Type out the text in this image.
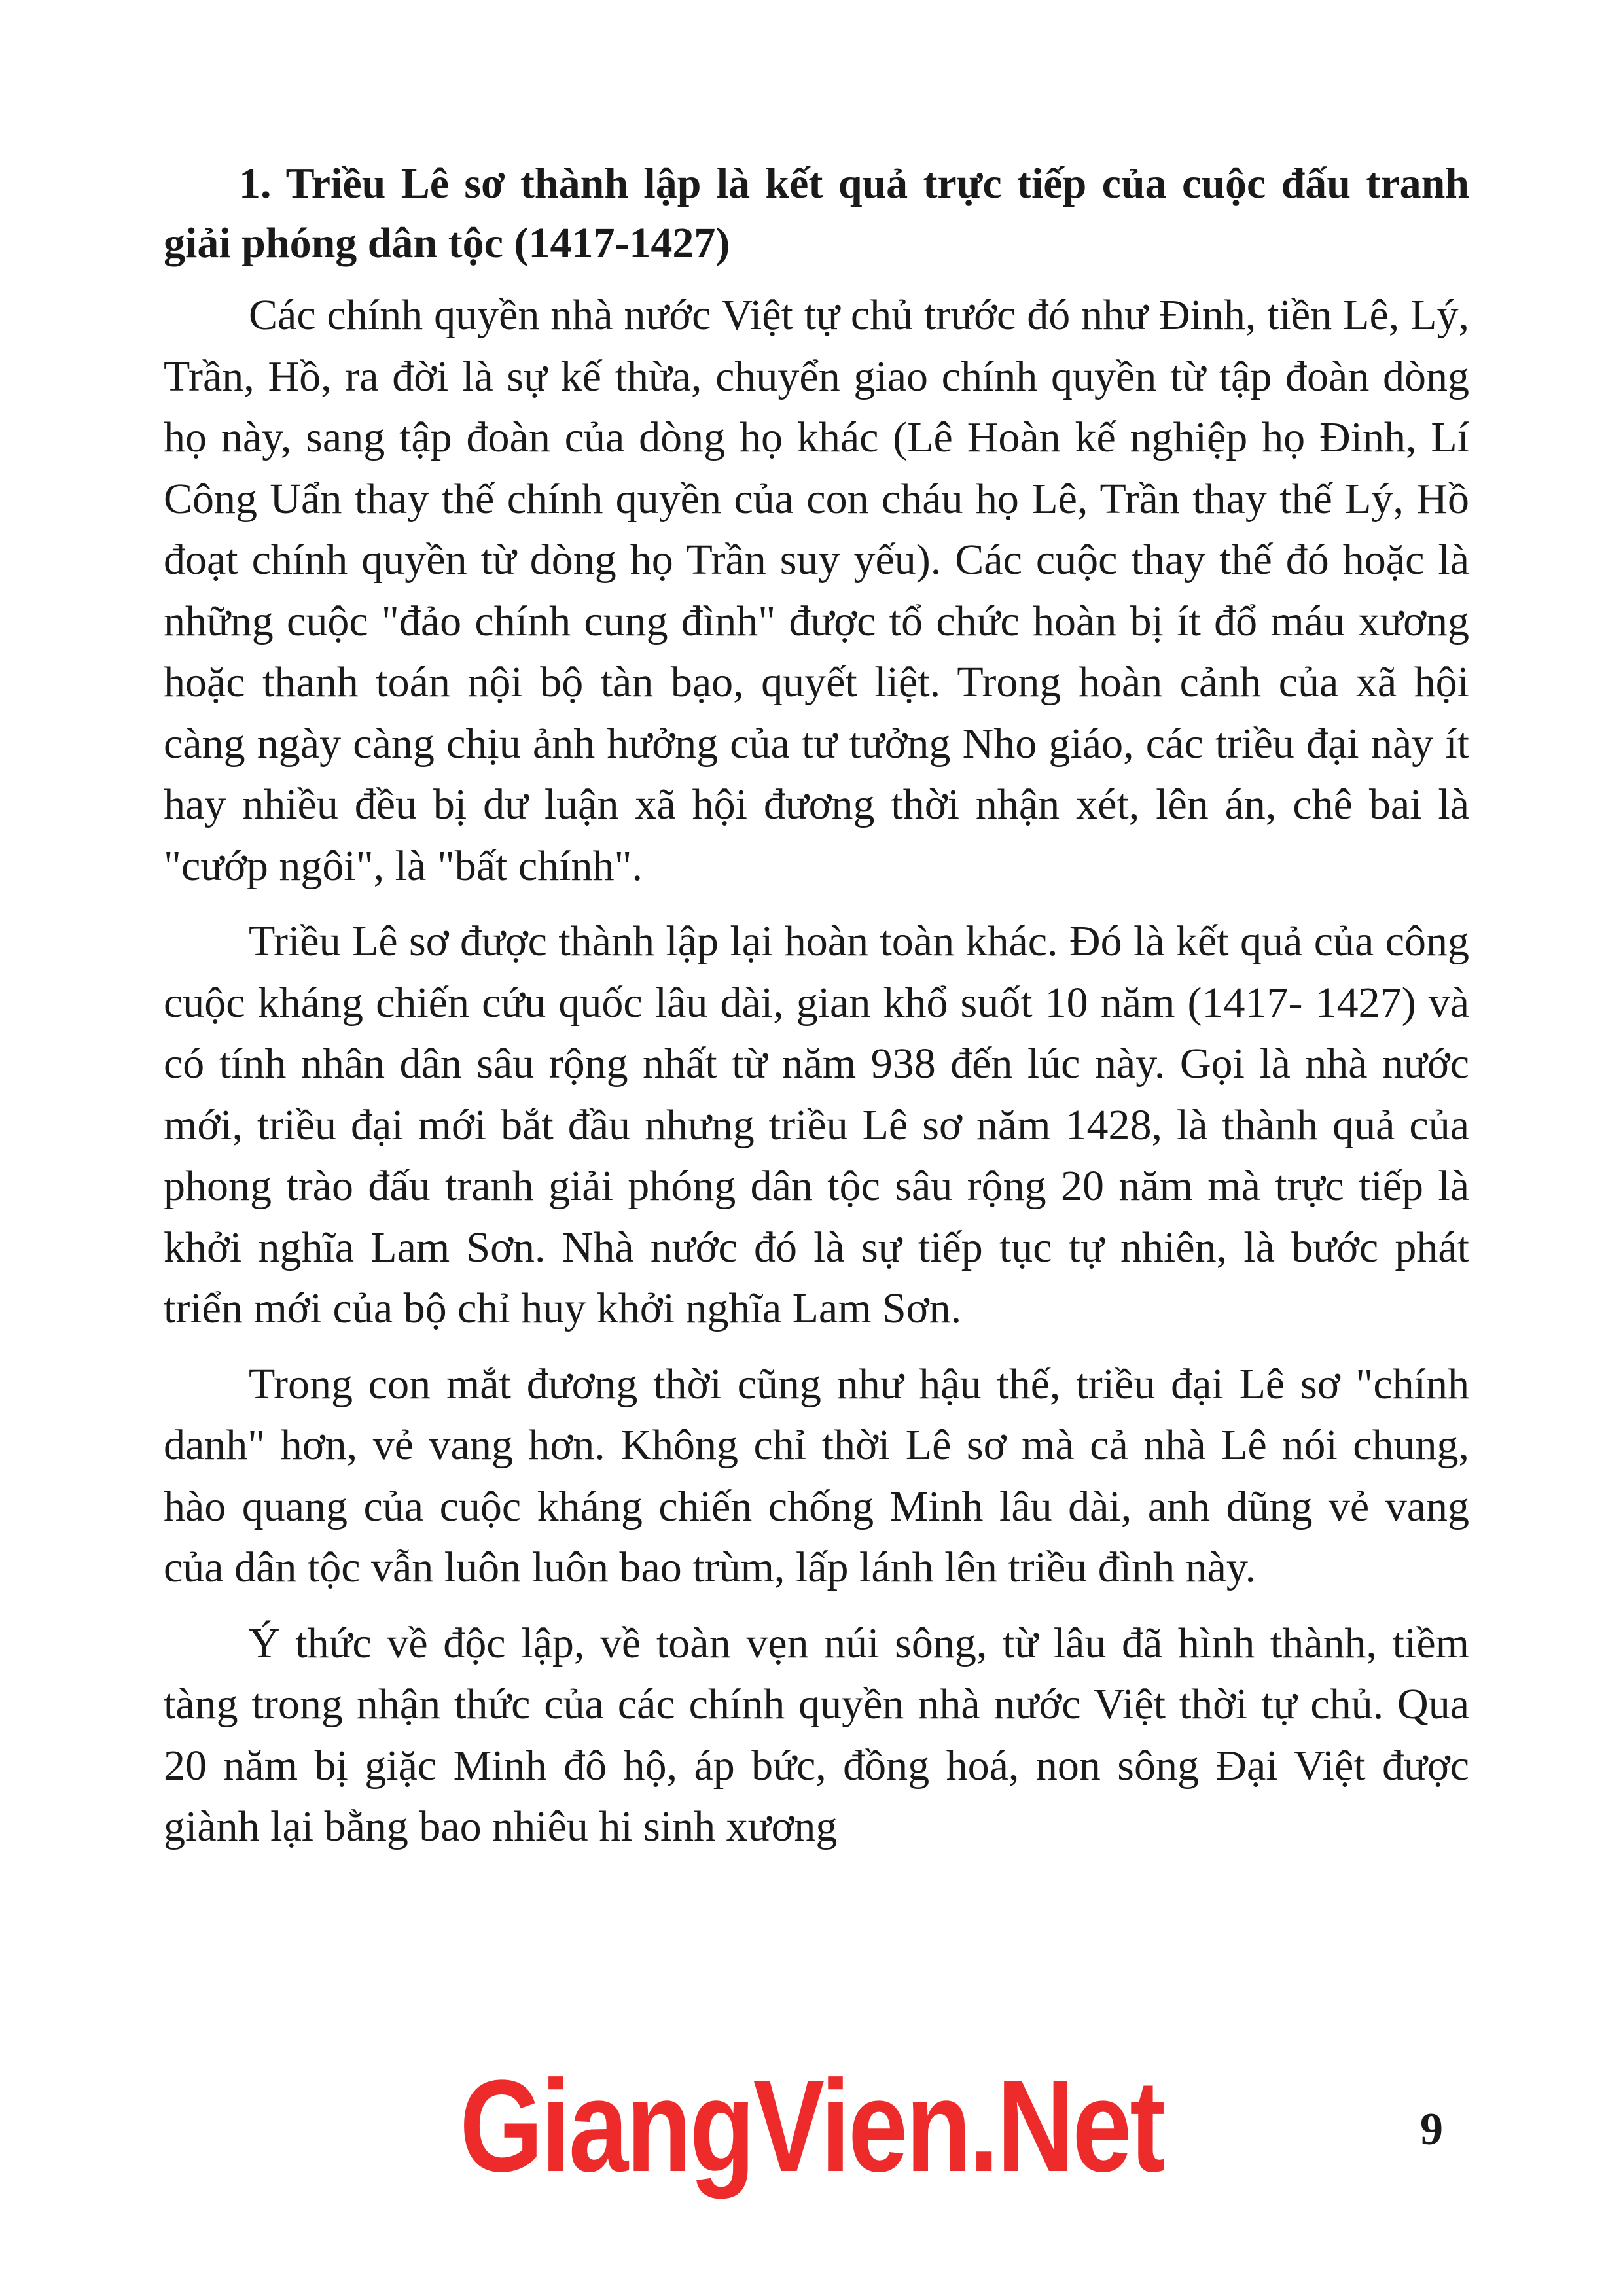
1. Triều Lê sơ thành lập là kết quả trực tiếp của cuộc đấu tranh giải phóng dân tộc (1417-1427)

Các chính quyền nhà nước Việt tự chủ trước đó như Đinh, tiền Lê, Lý, Trần, Hồ, ra đời là sự kế thừa, chuyển giao chính quyền từ tập đoàn dòng họ này, sang tập đoàn của dòng họ khác (Lê Hoàn kế nghiệp họ Đinh, Lí Công Uẩn thay thế chính quyền của con cháu họ Lê, Trần thay thế Lý, Hồ đoạt chính quyền từ dòng họ Trần suy yếu). Các cuộc thay thế đó hoặc là những cuộc "đảo chính cung đình" được tổ chức hoàn bị ít đổ máu xương hoặc thanh toán nội bộ tàn bạo, quyết liệt. Trong hoàn cảnh của xã hội càng ngày càng chịu ảnh hưởng của tư tưởng Nho giáo, các triều đại này ít hay nhiều đều bị dư luận xã hội đương thời nhận xét, lên án, chê bai là "cướp ngôi", là "bất chính".

Triều Lê sơ được thành lập lại hoàn toàn khác. Đó là kết quả của công cuộc kháng chiến cứu quốc lâu dài, gian khổ suốt 10 năm (1417- 1427) và có tính nhân dân sâu rộng nhất từ năm 938 đến lúc này. Gọi là nhà nước mới, triều đại mới bắt đầu nhưng triều Lê sơ năm 1428, là thành quả của phong trào đấu tranh giải phóng dân tộc sâu rộng 20 năm mà trực tiếp là khởi nghĩa Lam Sơn. Nhà nước đó là sự tiếp tục tự nhiên, là bước phát triển mới của bộ chỉ huy khởi nghĩa Lam Sơn.

Trong con mắt đương thời cũng như hậu thế, triều đại Lê sơ "chính danh" hơn, vẻ vang hơn. Không chỉ thời Lê sơ mà cả nhà Lê nói chung, hào quang của cuộc kháng chiến chống Minh lâu dài, anh dũng vẻ vang của dân tộc vẫn luôn luôn bao trùm, lấp lánh lên triều đình này.

Ý thức về độc lập, về toàn vẹn núi sông, từ lâu đã hình thành, tiềm tàng trong nhận thức của các chính quyền nhà nước Việt thời tự chủ. Qua 20 năm bị giặc Minh đô hộ, áp bức, đồng hoá, non sông Đại Việt được giành lại bằng bao nhiêu hi sinh xương

GiangVien.Net	9
